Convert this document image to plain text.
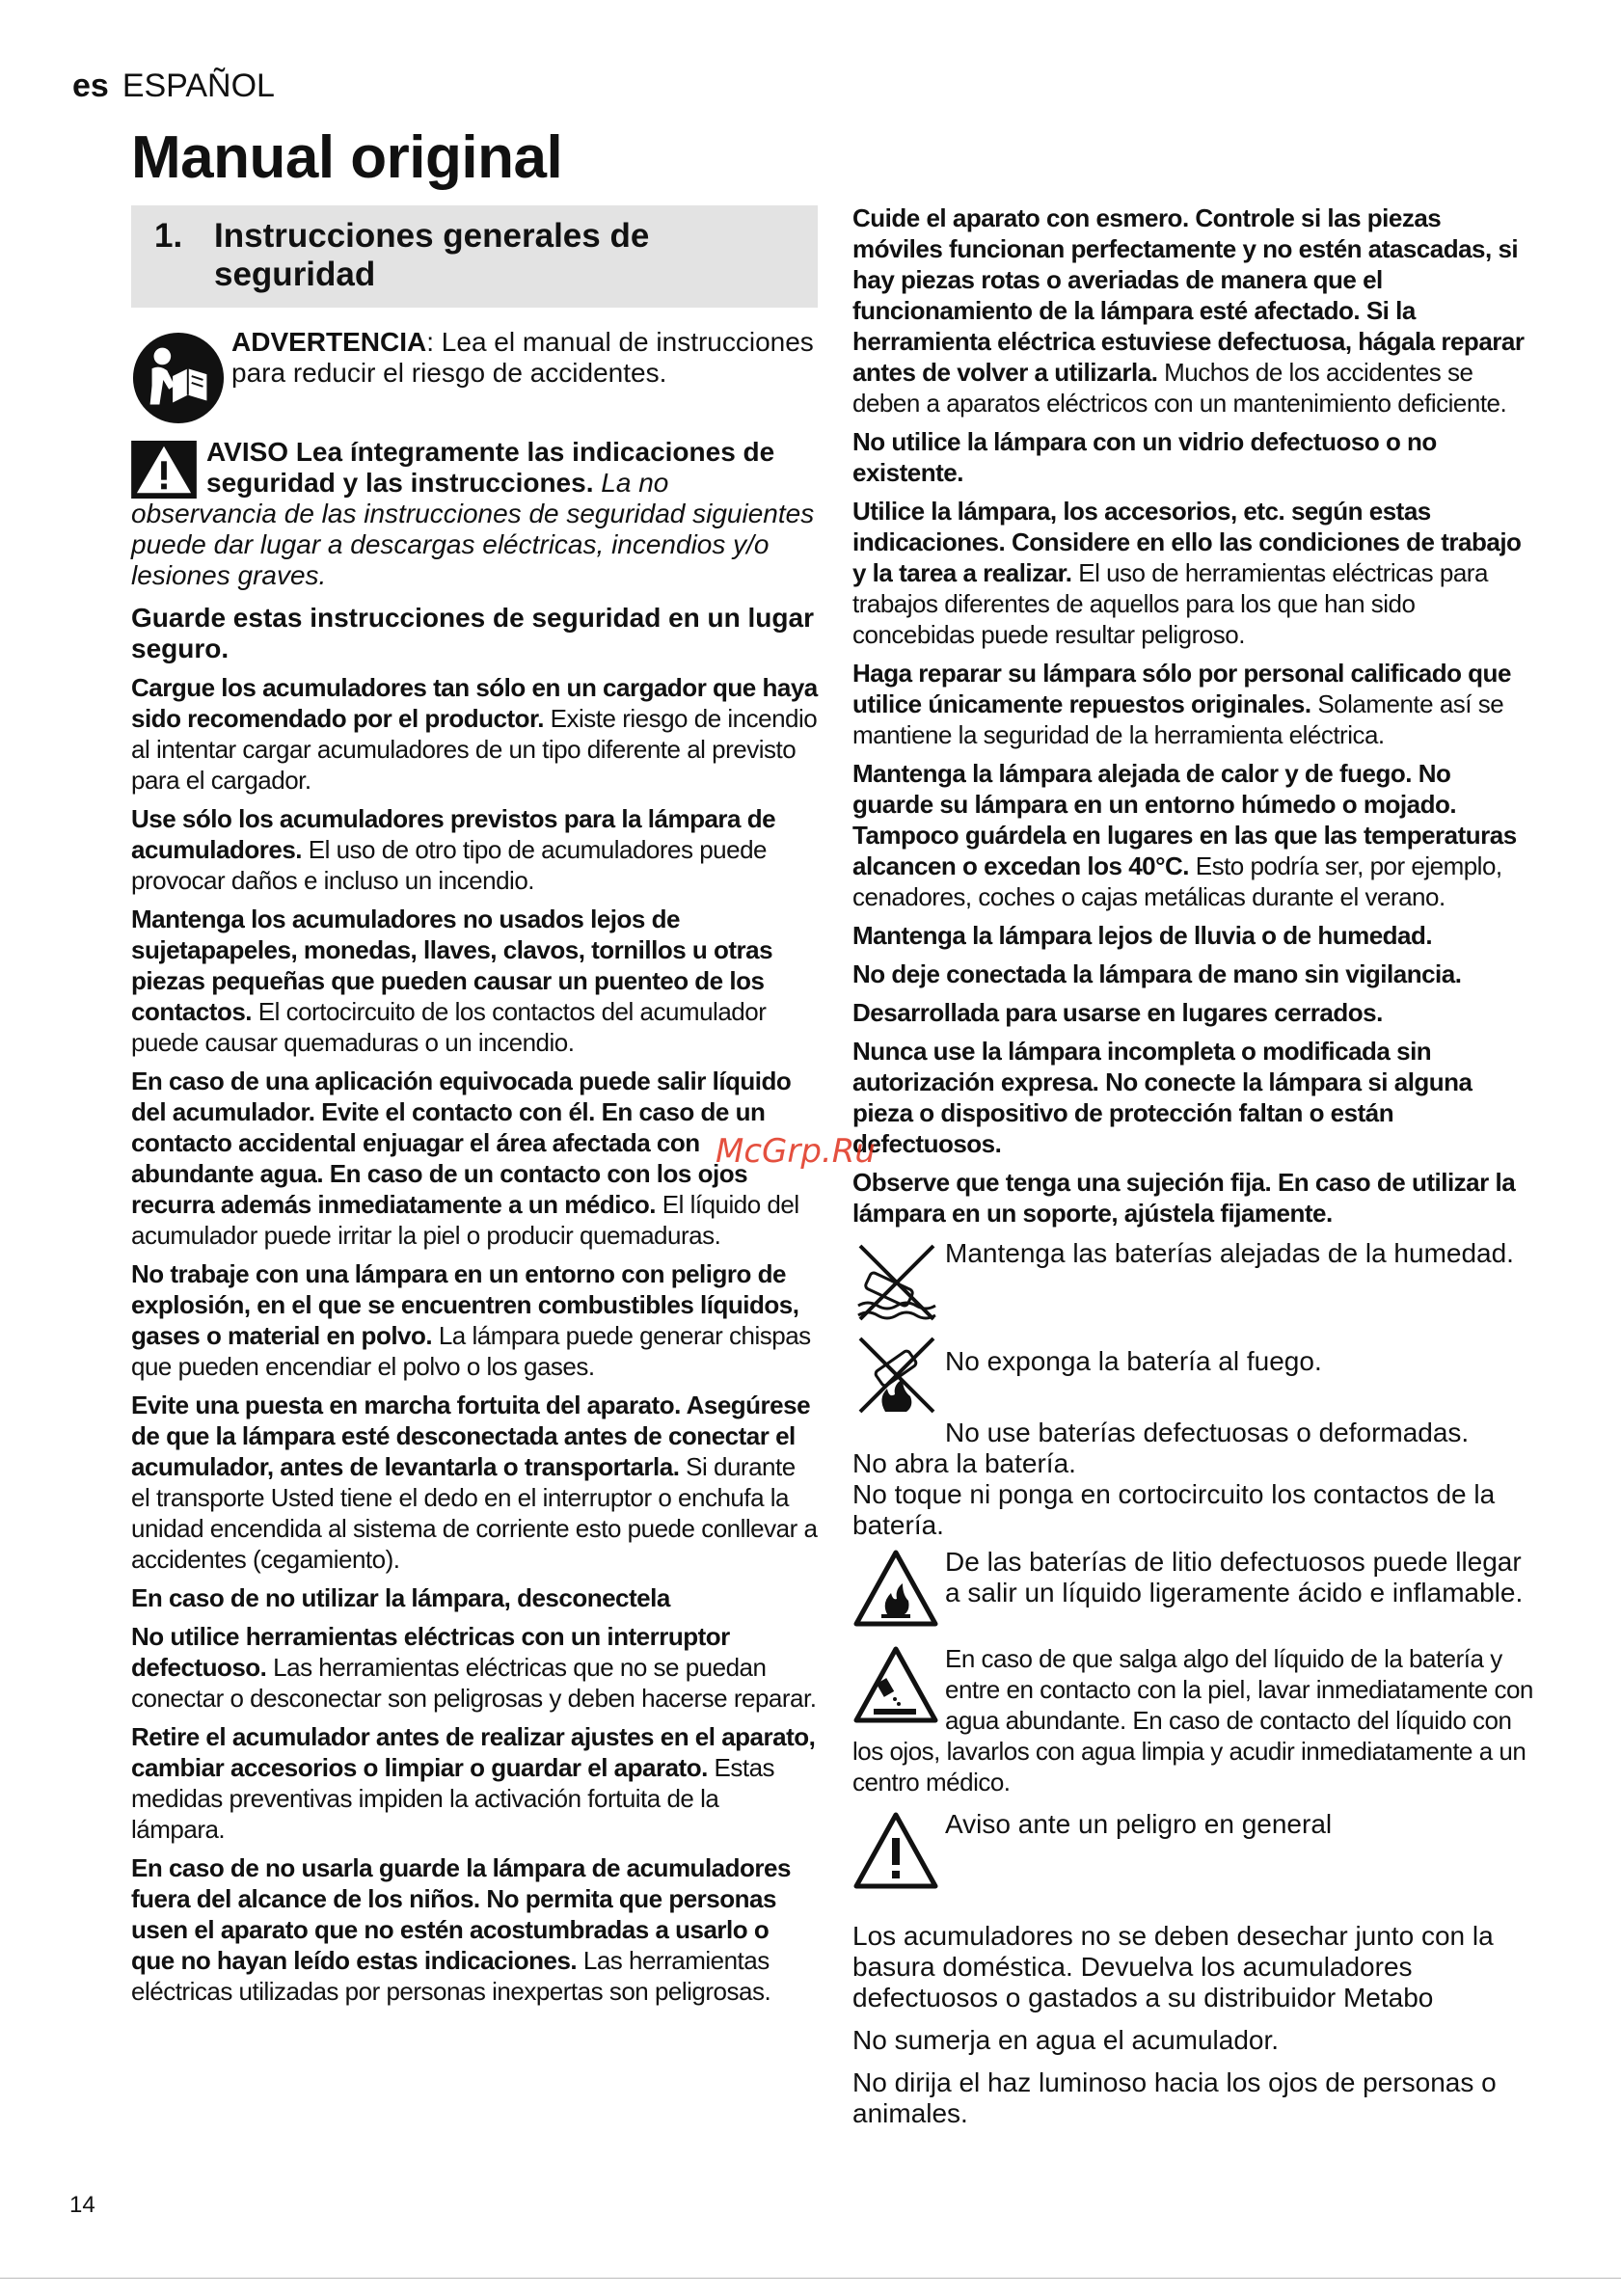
es ESPAÑOL
Manual original
1. Instrucciones generales de seguridad
ADVERTENCIA: Lea el manual de instrucciones para reducir el riesgo de accidentes.

AVISO Lea íntegramente las indicaciones de seguridad y las instrucciones. La no observancia de las instrucciones de seguridad siguientes puede dar lugar a descargas eléctricas, incendios y/o lesiones graves.

Guarde estas instrucciones de seguridad en un lugar seguro.

Cargue los acumuladores tan sólo en un cargador que haya sido recomendado por el productor. Existe riesgo de incendio al intentar cargar acumuladores de un tipo diferente al previsto para el cargador.

Use sólo los acumuladores previstos para la lámpara de acumuladores. El uso de otro tipo de acumuladores puede provocar daños e incluso un incendio.

Mantenga los acumuladores no usados lejos de sujetapapeles, monedas, llaves, clavos, tornillos u otras piezas pequeñas que pueden causar un puenteo de los contactos. El cortocircuito de los contactos del acumulador puede causar quemaduras o un incendio.

En caso de una aplicación equivocada puede salir líquido del acumulador. Evite el contacto con él. En caso de un contacto accidental enjuagar el área afectada con abundante agua. En caso de un contacto con los ojos recurra además inmediatamente a un médico. El líquido del acumulador puede irritar la piel o producir quemaduras.

No trabaje con una lámpara en un entorno con peligro de explosión, en el que se encuentren combustibles líquidos, gases o material en polvo. La lámpara puede generar chispas que pueden encendiar el polvo o los gases.

Evite una puesta en marcha fortuita del aparato. Asegúrese de que la lámpara esté desconectada antes de conectar el acumulador, antes de levantarla o transportarla. Si durante el transporte Usted tiene el dedo en el interruptor o enchufa la unidad encendida al sistema de corriente esto puede conllevar a accidentes (cegamiento).

En caso de no utilizar la lámpara, desconectela

No utilice herramientas eléctricas con un interruptor defectuoso. Las herramientas eléctricas que no se puedan conectar o desconectar son peligrosas y deben hacerse reparar.

Retire el acumulador antes de realizar ajustes en el aparato, cambiar accesorios o limpiar o guardar el aparato. Estas medidas preventivas impiden la activación fortuita de la lámpara.

En caso de no usarla guarde la lámpara de acumuladores fuera del alcance de los niños. No permita que personas usen el aparato que no estén acostumbradas a usarlo o que no hayan leído estas indicaciones. Las herramientas eléctricas utilizadas por personas inexpertas son peligrosas.

Cuide el aparato con esmero. Controle si las piezas móviles funcionan perfectamente y no estén atascadas, si hay piezas rotas o averiadas de manera que el funcionamiento de la lámpara esté afectado. Si la herramienta eléctrica estuviese defectuosa, hágala reparar antes de volver a utilizarla. Muchos de los accidentes se deben a aparatos eléctricos con un mantenimiento deficiente.

No utilice la lámpara con un vidrio defectuoso o no existente.

Utilice la lámpara, los accesorios, etc. según estas indicaciones. Considere en ello las condiciones de trabajo y la tarea a realizar. El uso de herramientas eléctricas para trabajos diferentes de aquellos para los que han sido concebidas puede resultar peligroso.

Haga reparar su lámpara sólo por personal calificado que utilice únicamente repuestos originales. Solamente así se mantiene la seguridad de la herramienta eléctrica.

Mantenga la lámpara alejada de calor y de fuego. No guarde su lámpara en un entorno húmedo o mojado. Tampoco guárdela en lugares en las que las temperaturas alcancen o excedan los 40°C. Esto podría ser, por ejemplo, cenadores, coches o cajas metálicas durante el verano.

Mantenga la lámpara lejos de lluvia o de humedad.

No deje conectada la lámpara de mano sin vigilancia.

Desarrollada para usarse en lugares cerrados.

Nunca use la lámpara incompleta o modificada sin autorización expresa. No conecte la lámpara si alguna pieza o dispositivo de protección faltan o están defectuosos.

Observe que tenga una sujeción fija. En caso de utilizar la lámpara en un soporte, ajústela fijamente.

Mantenga las baterías alejadas de la humedad.
No exponga la batería al fuego.
No use baterías defectuosas o deformadas.
No abra la batería.
No toque ni ponga en cortocircuito los contactos de la batería.
De las baterías de litio defectuosos puede llegar a salir un líquido ligeramente ácido e inflamable.
En caso de que salga algo del líquido de la batería y entre en contacto con la piel, lavar inmediatamente con agua abundante. En caso de contacto del líquido con los ojos, lavarlos con agua limpia y acudir inmediatamente a un centro médico.
Aviso ante un peligro en general

Los acumuladores no se deben desechar junto con la basura doméstica. Devuelva los acumuladores defectuosos o gastados a su distribuidor Metabo

No sumerja en agua el acumulador.

No dirija el haz luminoso hacia los ojos de personas o animales.

McGrp.Ru
14
